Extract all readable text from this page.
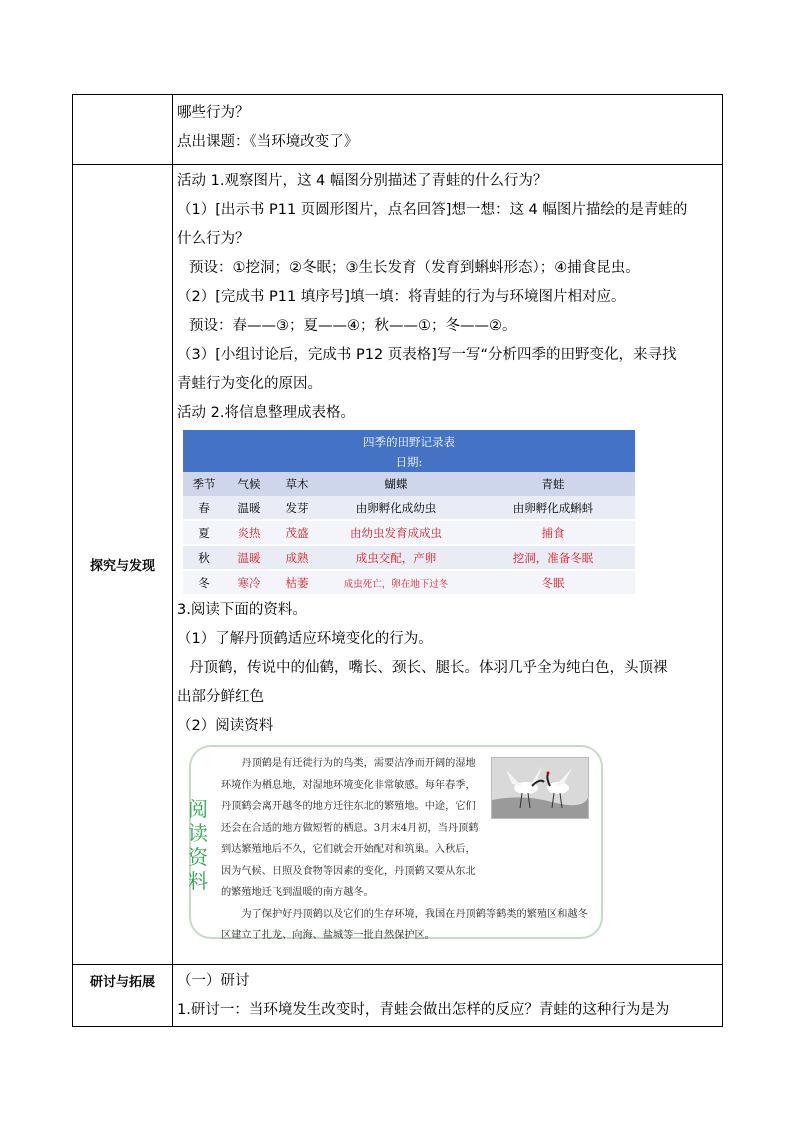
哪些行为？
点出课题：《当环境改变了》

探究与发现	
活动 1.观察图片，这 4 幅图分别描述了青蛙的什么行为？
（1）[出示书 P11 页圆形图片，点名回答]想一想：这 4 幅图片描绘的是青蛙的
什么行为？
预设：①挖洞；②冬眠；③生长发育（发育到蝌蚪形态）；④捕食昆虫。
（2）[完成书 P11 填序号]填一填：将青蛙的行为与环境图片相对应。
预设：春——③；夏——④；秋——①；冬——②。
（3）[小组讨论后，完成书 P12 页表格]写一写“分析四季的田野变化，来寻找
青蛙行为变化的原因。
活动 2.将信息整理成表格。
四季的田野记录表
日期:
季节	气候	草木	蝴蝶	青蛙
春	温暖	发芽	由卵孵化成幼虫	由卵孵化成蝌蚪
夏	炎热	茂盛	由幼虫发育成成虫	捕食
秋	温暖	成熟	成虫交配，产卵	挖洞，准备冬眠
冬	寒冷	枯萎	成虫死亡，卵在地下过冬	冬眠
3.阅读下面的资料。
（1）了解丹顶鹤适应环境变化的行为。
丹顶鹤，传说中的仙鹤，嘴长、颈长、腿长。体羽几乎全为纯白色，头顶裸
出部分鲜红色
（2）阅读资料
阅
读
资
料

丹顶鹤是有迁徙行为的鸟类，需要洁净而开阔的湿地环境作为栖息地，对湿地环境变化非常敏感。每年春季，丹顶鹤会离开越冬的地方迁往东北的繁殖地。中途，它们还会在合适的地方做短暂的栖息。3月末4月初，当丹顶鹤到达繁殖地后不久，它们就会开始配对和筑巢。入秋后，因为气候、日照及食物等因素的变化，丹顶鹤又要从东北的繁殖地迁飞到温暖的南方越冬。

为了保护好丹顶鹤以及它们的生存环境，我国在丹顶鹤等鹤类的繁殖区和越冬区建立了扎龙、向海、盐城等一批自然保护区。

研讨与拓展	（一）研讨
1.研讨一：当环境发生改变时，青蛙会做出怎样的反应？青蛙的这种行为是为
